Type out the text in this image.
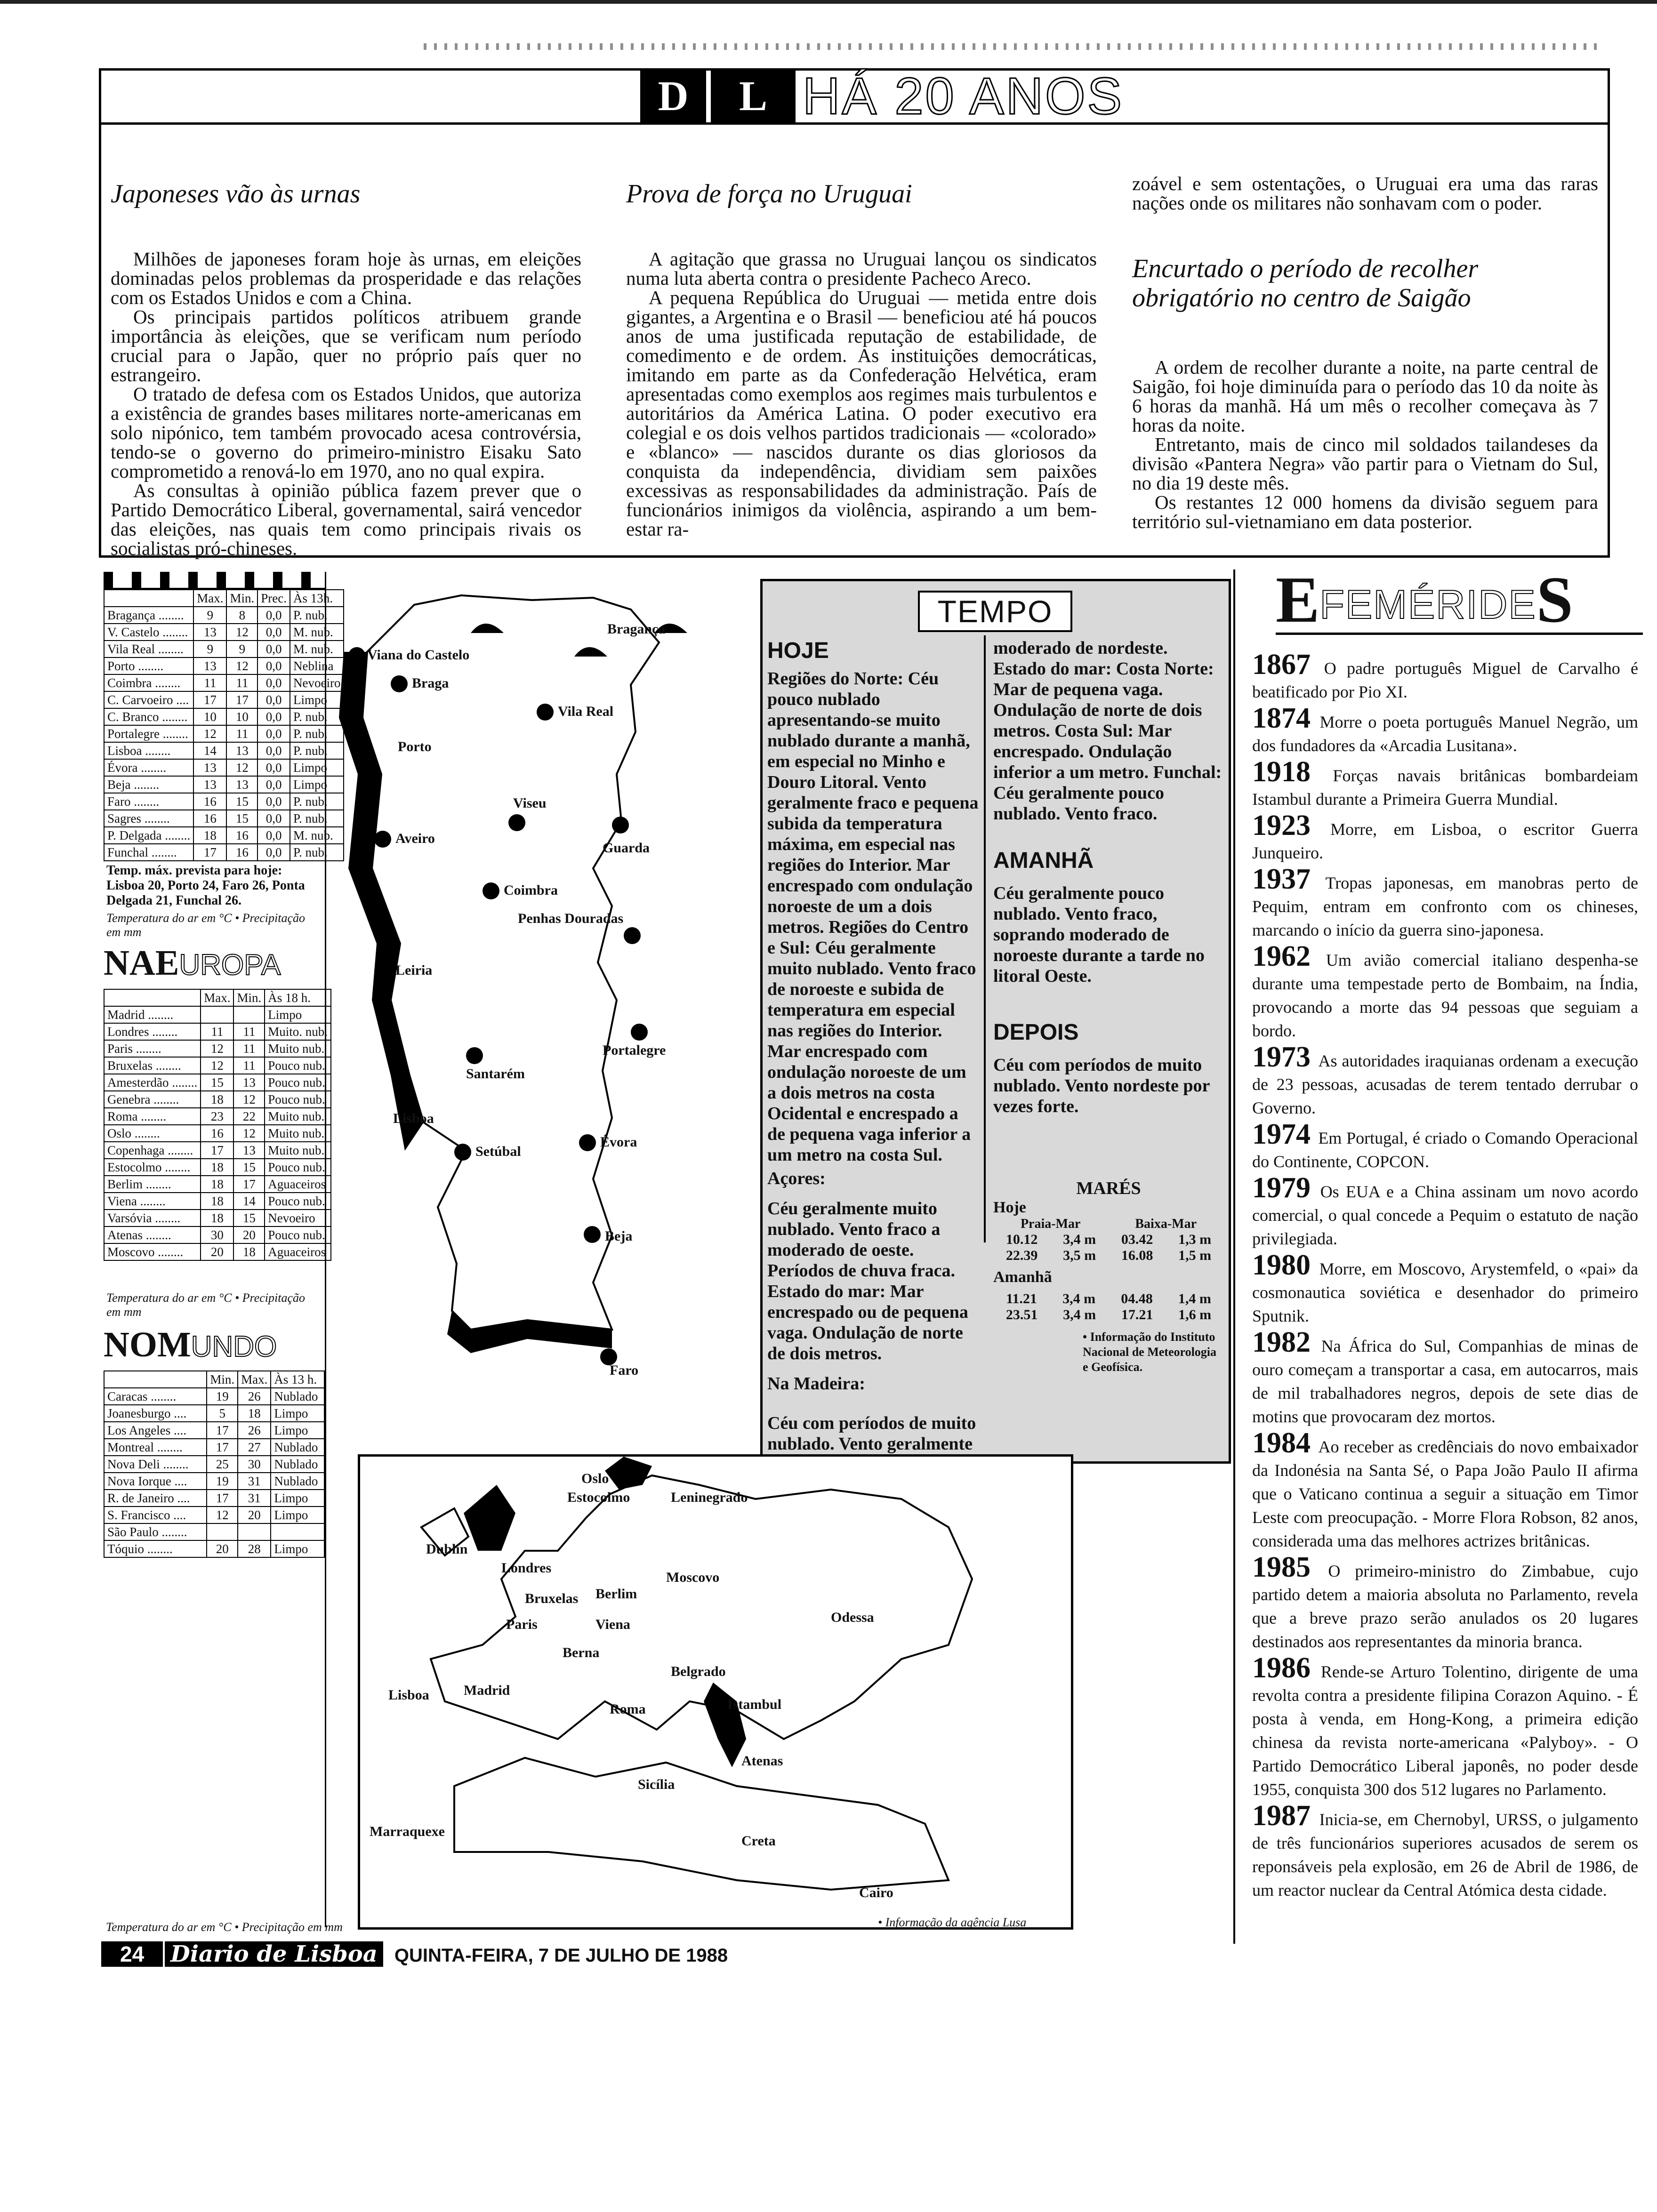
D	L HÁ 20 ANOS
Japoneses vão às urnas

Milhões de japoneses foram hoje às urnas, em eleições dominadas pelos problemas da prosperidade e das relações com os Estados Unidos e com a China.

Os principais partidos políticos atribuem grande importância às eleições, que se verificam num período crucial para o Japão, quer no próprio país quer no estrangeiro.

O tratado de defesa com os Estados Unidos, que autoriza a existência de grandes bases militares norte-americanas em solo nipónico, tem também provocado acesa controvérsia, tendo-se o governo do primeiro-ministro Eisaku Sato comprometido a renová-lo em 1970, ano no qual expira.

As consultas à opinião pública fazem prever que o Partido Democrático Liberal, governamental, sairá vencedor das eleições, nas quais tem como principais rivais os socialistas pró-chineses.

Prova de força no Uruguai

A agitação que grassa no Uruguai lançou os sindicatos numa luta aberta contra o presidente Pacheco Areco.

A pequena República do Uruguai — metida entre dois gigantes, a Argentina e o Brasil — beneficiou até há poucos anos de uma justificada reputação de estabilidade, de comedimento e de ordem. As instituições democráticas, imitando em parte as da Confederação Helvética, eram apresentadas como exemplos aos regimes mais turbulentos e autoritários da América Latina. O poder executivo era colegial e os dois velhos partidos tradicionais — «colorado» e «blanco» — nascidos durante os dias gloriosos da conquista da independência, dividiam sem paixões excessivas as responsabilidades da administração. País de funcionários inimigos da violência, aspirando a um bem-estar ra-

zoável e sem ostentações, o Uruguai era uma das raras nações onde os militares não sonhavam com o poder.

Encurtado o período de recolher obrigatório no centro de Saigão

A ordem de recolher durante a noite, na parte central de Saigão, foi hoje diminuída para o período das 10 da noite às 6 horas da manhã. Há um mês o recolher começava às 7 horas da noite.

Entretanto, mais de cinco mil soldados tailandeses da divisão «Pantera Negra» vão partir para o Vietnam do Sul, no dia 19 deste mês.

Os restantes 12 000 homens da divisão seguem para território sul-vietnamiano em data posterior.

	Max.	Min.	Prec.	Às 13h.
Bragança ........	9	8	0,0	P. nub.
V. Castelo ........	13	12	0,0	M. nub.
Vila Real ........	9	9	0,0	M. nub.
Porto ........	13	12	0,0	Neblina
Coimbra ........	11	11	0,0	Nevoeiro
C. Carvoeiro ....	17	17	0,0	Limpo
C. Branco ........	10	10	0,0	P. nub.
Portalegre ........	12	11	0,0	P. nub.
Lisboa ........	14	13	0,0	P. nub.
Évora ........	13	12	0,0	Limpo
Beja ........	13	13	0,0	Limpo
Faro ........	16	15	0,0	P. nub.
Sagres ........	16	15	0,0	P. nub.
P. Delgada ........	18	16	0,0	M. nub.
Funchal ........	17	16	0,0	P. nub.
Temp. máx. prevista para hoje: Lisboa 20, Porto 24, Faro 26, Ponta Delgada 21, Funchal 26.
Temperatura do ar em °C • Precipitação em mm
NAEUROPA
	Max.	Min.	Às 18 h.
Madrid ........			Limpo
Londres ........	11	11	Muito. nub.
Paris ........	12	11	Muito nub.
Bruxelas ........	12	11	Pouco nub.
Amesterdão ........	15	13	Pouco nub.
Genebra ........	18	12	Pouco nub.
Roma ........	23	22	Muito nub.
Oslo ........	16	12	Muito nub.
Copenhaga ........	17	13	Muito nub.
Estocolmo ........	18	15	Pouco nub.
Berlim ........	18	17	Aguaceiros
Viena ........	18	14	Pouco nub.
Varsóvia ........	18	15	Nevoeiro
Atenas ........	30	20	Pouco nub.
Moscovo ........	20	18	Aguaceiros
Temperatura do ar em °C • Precipitação em mm
NOMUNDO
	Min.	Max.	Às 13 h.
Caracas ........	19	26	Nublado
Joanesburgo ....	5	18	Limpo
Los Angeles ....	17	26	Limpo
Montreal ........	17	27	Nublado
Nova Deli ........	25	30	Nublado
Nova Iorque ....	19	31	Nublado
R. de Janeiro ....	17	31	Limpo
S. Francisco ....	12	20	Limpo
São Paulo ........			
Tóquio ........	20	28	Limpo
Temperatura do ar em °C • Precipitação em mm
Viana do Castelo
Bragança
Braga
Vila Real
Porto
Viseu
Guarda
Aveiro
Coimbra
Penhas Douradas
Leiria
Portalegre
Santarém
Lisboa
Setúbal
Évora
Beja
Faro
TEMPO
HOJE
Regiões do Norte: Céu pouco nublado apresentando-se muito nublado durante a manhã, em especial no Minho e Douro Litoral. Vento geralmente fraco e pequena subida da temperatura máxima, em especial nas regiões do Interior. Mar encrespado com ondulação noroeste de um a dois metros. Regiões do Centro e Sul: Céu geralmente muito nublado. Vento fraco de noroeste e subida de temperatura em especial nas regiões do Interior. Mar encrespado com ondulação noroeste de um a dois metros na costa Ocidental e encrespado a de pequena vaga inferior a um metro na costa Sul.
Açores:
Céu geralmente muito nublado. Vento fraco a moderado de oeste. Períodos de chuva fraca. Estado do mar: Mar encrespado ou de pequena vaga. Ondulação de norte de dois metros.
Na Madeira:
Céu com períodos de muito nublado. Vento geralmente
moderado de nordeste. Estado do mar: Costa Norte: Mar de pequena vaga. Ondulação de norte de dois metros. Costa Sul: Mar encrespado. Ondulação inferior a um metro. Funchal: Céu geralmente pouco nublado. Vento fraco.
AMANHÃ
Céu geralmente pouco nublado. Vento fraco, soprando moderado de noroeste durante a tarde no litoral Oeste.
DEPOIS
Céu com períodos de muito nublado. Vento nordeste por vezes forte.
MARÉS
Hoje
Praia-Mar	Baixa-Mar
10.12 3,4 m 03.42 1,3 m
22.39 3,5 m 16.08 1,5 m
Amanhã
11.21 3,4 m 04.48 1,4 m
23.51 3,4 m 17.21 1,6 m
• Informação do Instituto Nacional de Meteorologia e Geofísica.
Oslo
Estocolmo	Leninegrado
Dublin
Londres
Berlim
Moscovo
Bruxelas
Paris	Viena	Odessa
Berna
Belgrado
Lisboa Madrid
Roma	Istambul
Atenas
Sicília
Marraquexe
Creta
Cairo
• Informação da agência Lusa
E FEMÉRIDE S
1867 O padre português Miguel de Carvalho é beatificado por Pio XI.
1874 Morre o poeta português Manuel Negrão, um dos fundadores da «Arcadia Lusitana».
1918 Forças navais britânicas bombardeiam Istambul durante a Primeira Guerra Mundial.
1923 Morre, em Lisboa, o escritor Guerra Junqueiro.
1937 Tropas japonesas, em manobras perto de Pequim, entram em confronto com os chineses, marcando o início da guerra sino-japonesa.
1962 Um avião comercial italiano despenha-se durante uma tempestade perto de Bombaim, na Índia, provocando a morte das 94 pessoas que seguiam a bordo.
1973 As autoridades iraquianas ordenam a execução de 23 pessoas, acusadas de terem tentado derrubar o Governo.
1974 Em Portugal, é criado o Comando Operacional do Continente, COPCON.
1979 Os EUA e a China assinam um novo acordo comercial, o qual concede a Pequim o estatuto de nação privilegiada.
1980 Morre, em Moscovo, Arystemfeld, o «pai» da cosmonautica soviética e desenhador do primeiro Sputnik.
1982 Na África do Sul, Companhias de minas de ouro começam a transportar a casa, em autocarros, mais de mil trabalhadores negros, depois de sete dias de motins que provocaram dez mortos.
1984 Ao receber as credênciais do novo embaixador da Indonésia na Santa Sé, o Papa João Paulo II afirma que o Vaticano continua a seguir a situação em Timor Leste com preocupação. - Morre Flora Robson, 82 anos, considerada uma das melhores actrizes britânicas.
1985 O primeiro-ministro do Zimbabue, cujo partido detem a maioria absoluta no Parlamento, revela que a breve prazo serão anulados os 20 lugares destinados aos representantes da minoria branca.
1986 Rende-se Arturo Tolentino, dirigente de uma revolta contra a presidente filipina Corazon Aquino. - É posta à venda, em Hong-Kong, a primeira edição chinesa da revista norte-americana «Palyboy». - O Partido Democrático Liberal japonês, no poder desde 1955, conquista 300 dos 512 lugares no Parlamento.
1987 Inicia-se, em Chernobyl, URSS, o julgamento de três funcionários superiores acusados de serem os reponsáveis pela explosão, em 26 de Abril de 1986, de um reactor nuclear da Central Atómica desta cidade.
24 Diario de Lisboa QUINTA-FEIRA, 7 DE JULHO DE 1988
